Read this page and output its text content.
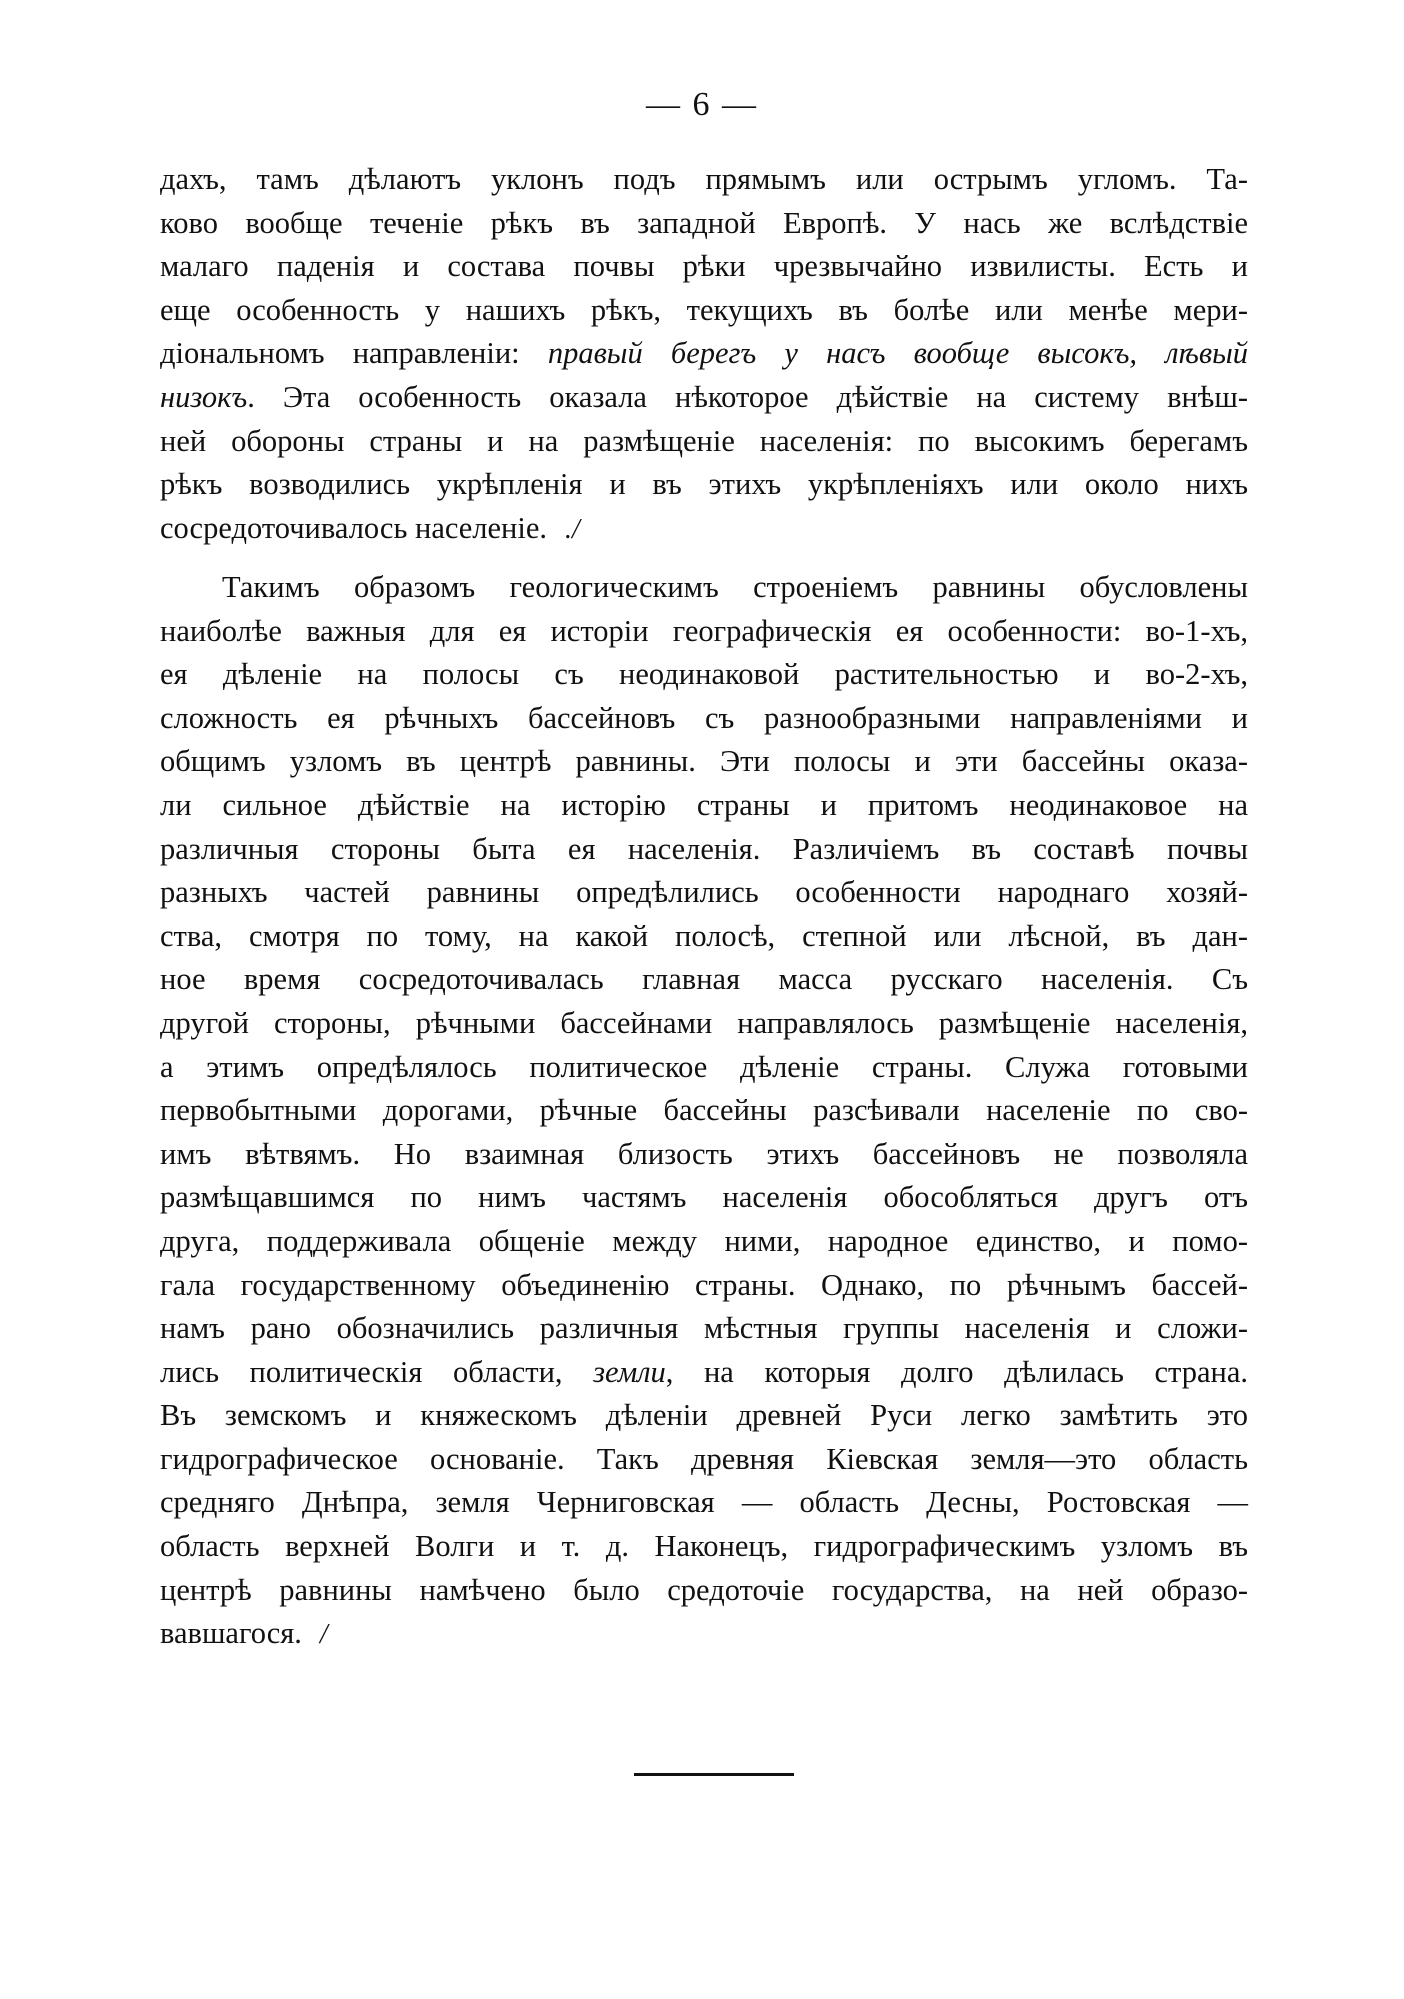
— 6 —
дахъ, тамъ дѣлаютъ уклонъ подъ прямымъ или острымъ угломъ. Та-
ково вообще теченіе рѣкъ въ западной Европѣ. У нась же вслѣдствіе
малаго паденія и состава почвы рѣки чрезвычайно извилисты. Есть и
еще особенность у нашихъ рѣкъ, текущихъ въ болѣе или менѣе мери-
діональномъ направленіи: правый берегъ у насъ вообще высокъ, лѣвый
низокъ. Эта особенность оказала нѣкоторое дѣйствіе на систему внѣш-
ней обороны страны и на размѣщеніе населенія: по высокимъ берегамъ
рѣкъ возводились укрѣпленія и въ этихъ укрѣпленіяхъ или около нихъ
сосредоточивалось населеніе. ./
Такимъ образомъ геологическимъ строеніемъ равнины обусловлены
наиболѣе важныя для ея исторіи географическія ея особенности: во-1-хъ,
ея дѣленіе на полосы съ неодинаковой растительностью и во-2-хъ,
сложность ея рѣчныхъ бассейновъ съ разнообразными направленіями и
общимъ узломъ въ центрѣ равнины. Эти полосы и эти бассейны оказа-
ли сильное дѣйствіе на исторію страны и притомъ неодинаковое на
различныя стороны быта ея населенія. Различіемъ въ составѣ почвы
разныхъ частей равнины опредѣлились особенности народнаго хозяй-
ства, смотря по тому, на какой полосѣ, степной или лѣсной, въ дан-
ное время сосредоточивалась главная масса русскаго населенія. Съ
другой стороны, рѣчными бассейнами направлялось размѣщеніе населенія,
а этимъ опредѣлялось политическое дѣленіе страны. Служа готовыми
первобытными дорогами, рѣчные бассейны разсѣивали населеніе по сво-
имъ вѣтвямъ. Но взаимная близость этихъ бассейновъ не позволяла
размѣщавшимся по нимъ частямъ населенія обособляться другъ отъ
друга, поддерживала общеніе между ними, народное единство, и помо-
гала государственному объединенію страны. Однако, по рѣчнымъ бассей-
намъ рано обозначились различныя мѣстныя группы населенія и сложи-
лись политическія области, земли, на которыя долго дѣлилась страна.
Въ земскомъ и княжескомъ дѣленіи древней Руси легко замѣтить это
гидрографическое основаніе. Такъ древняя Кіевская земля—это область
средняго Днѣпра, земля Черниговская — область Десны, Ростовская —
область верхней Волги и т. д. Наконецъ, гидрографическимъ узломъ въ
центрѣ равнины намѣчено было средоточіе государства, на ней образо-
вавшагося. /
